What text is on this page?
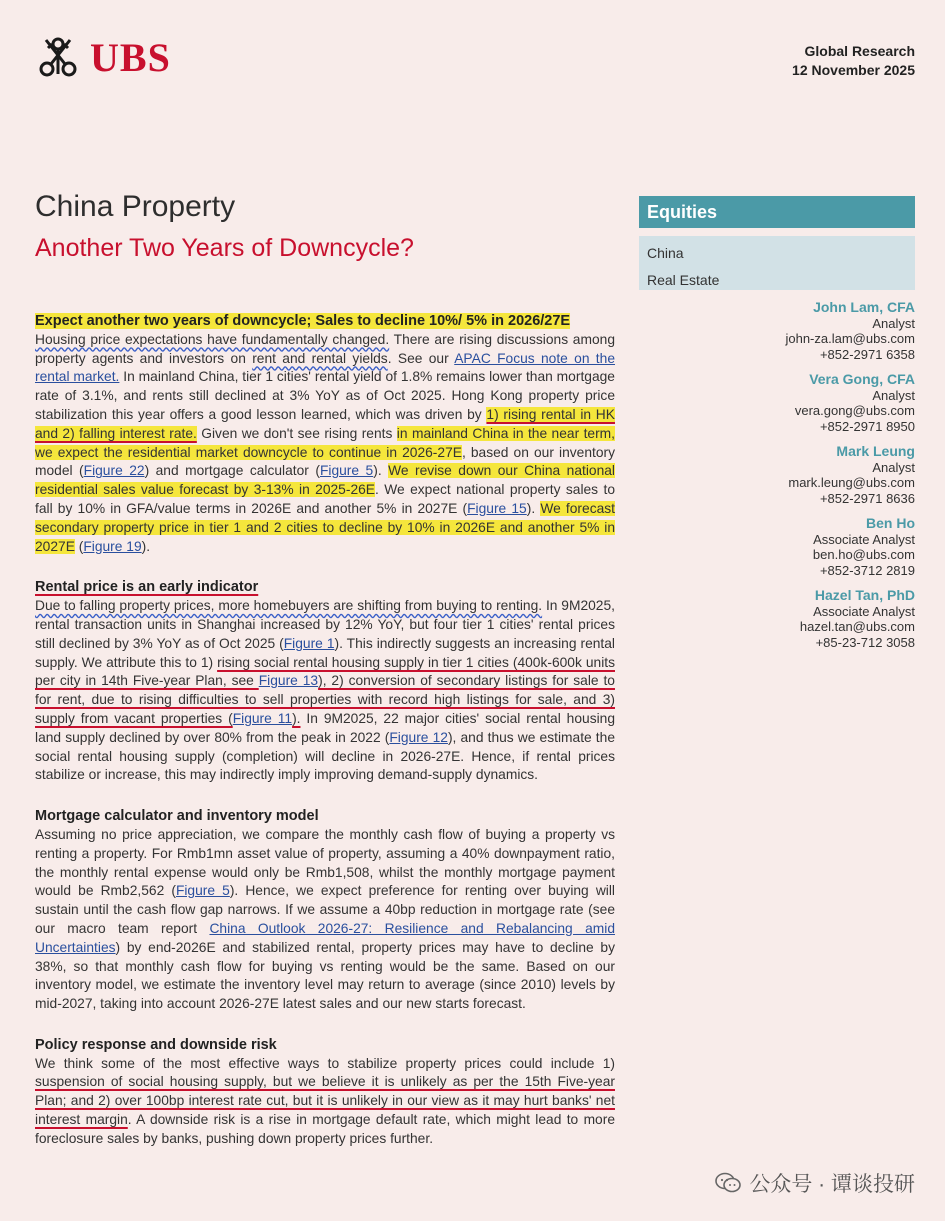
UBS	Global Research
12 November 2025
China Property
Another Two Years of Downcycle?
Equities
China
Real Estate
John Lam, CFA
Analyst
john-za.lam@ubs.com
+852-2971 6358
Vera Gong, CFA
Analyst
vera.gong@ubs.com
+852-2971 8950
Mark Leung
Analyst
mark.leung@ubs.com
+852-2971 8636
Ben Ho
Associate Analyst
ben.ho@ubs.com
+852-3712 2819
Hazel Tan, PhD
Associate Analyst
hazel.tan@ubs.com
+85-23-712 3058

Expect another two years of downcycle; Sales to decline 10%/ 5% in 2026/27E

Housing price expectations have fundamentally changed. There are rising discussions among property agents and investors on rent and rental yields. See our APAC Focus note on the rental market. In mainland China, tier 1 cities' rental yield of 1.8% remains lower than mortgage rate of 3.1%, and rents still declined at 3% YoY as of Oct 2025. Hong Kong property price stabilization this year offers a good lesson learned, which was driven by 1) rising rental in HK and 2) falling interest rate. Given we don't see rising rents in mainland China in the near term, we expect the residential market downcycle to continue in 2026-27E, based on our inventory model (Figure 22) and mortgage calculator (Figure 5). We revise down our China national residential sales value forecast by 3-13% in 2025-26E. We expect national property sales to fall by 10% in GFA/value terms in 2026E and another 5% in 2027E (Figure 15). We forecast secondary property price in tier 1 and 2 cities to decline by 10% in 2026E and another 5% in 2027E (Figure 19).

Rental price is an early indicator

Due to falling property prices, more homebuyers are shifting from buying to renting. In 9M2025, rental transaction units in Shanghai increased by 12% YoY, but four tier 1 cities' rental prices still declined by 3% YoY as of Oct 2025 (Figure 1). This indirectly suggests an increasing rental supply. We attribute this to 1) rising social rental housing supply in tier 1 cities (400k-600k units per city in 14th Five-year Plan, see Figure 13), 2) conversion of secondary listings for sale to for rent, due to rising difficulties to sell properties with record high listings for sale, and 3) supply from vacant properties (Figure 11). In 9M2025, 22 major cities' social rental housing land supply declined by over 80% from the peak in 2022 (Figure 12), and thus we estimate the social rental housing supply (completion) will decline in 2026-27E. Hence, if rental prices stabilize or increase, this may indirectly imply improving demand-supply dynamics.

Mortgage calculator and inventory model

Assuming no price appreciation, we compare the monthly cash flow of buying a property vs renting a property. For Rmb1mn asset value of property, assuming a 40% downpayment ratio, the monthly rental expense would only be Rmb1,508, whilst the monthly mortgage payment would be Rmb2,562 (Figure 5). Hence, we expect preference for renting over buying will sustain until the cash flow gap narrows. If we assume a 40bp reduction in mortgage rate (see our macro team report China Outlook 2026-27: Resilience and Rebalancing amid Uncertainties) by end-2026E and stabilized rental, property prices may have to decline by 38%, so that monthly cash flow for buying vs renting would be the same. Based on our inventory model, we estimate the inventory level may return to average (since 2010) levels by mid-2027, taking into account 2026-27E latest sales and our new starts forecast.

Policy response and downside risk

We think some of the most effective ways to stabilize property prices could include 1) suspension of social housing supply, but we believe it is unlikely as per the 15th Five-year Plan; and 2) over 100bp interest rate cut, but it is unlikely in our view as it may hurt banks' net interest margin. A downside risk is a rise in mortgage default rate, which might lead to more foreclosure sales by banks, pushing down property prices further.

公众号 · 谭谈投研
